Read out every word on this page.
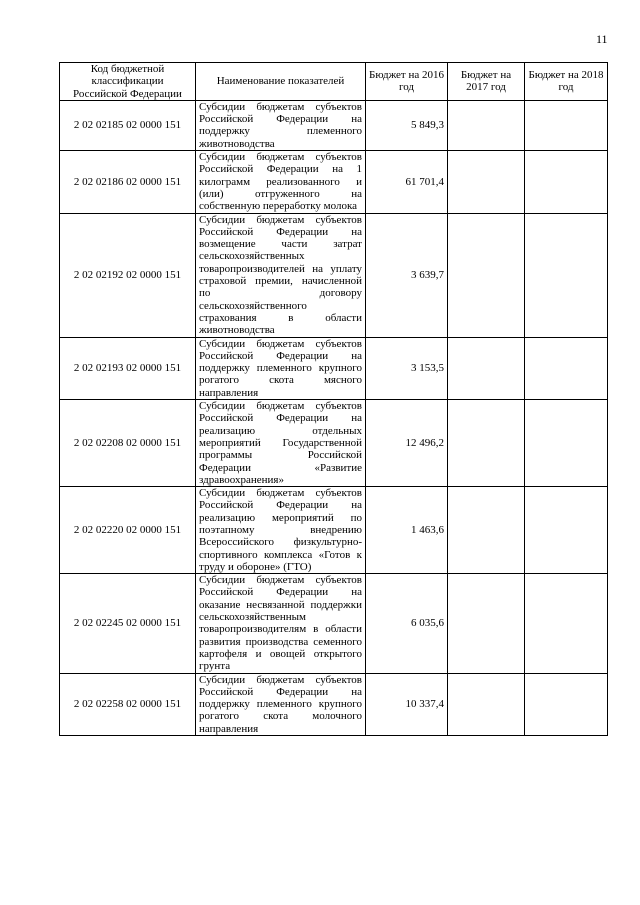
11
Код бюджетной классификации Российской Федерации	Наименование показателей	Бюджет на 2016 год	Бюджет на 2017 год	Бюджет на 2018 год
2 02 02185 02 0000 151	Субсидии бюджетам субъектов Российской Федерации на поддержку племенного животноводства	5 849,3		
2 02 02186 02 0000 151	Субсидии бюджетам субъектов Российской Федерации на 1 килограмм реализованного и (или) отгруженного на собственную переработку молока	61 701,4		
2 02 02192 02 0000 151	Субсидии бюджетам субъектов Российской Федерации на возмещение части затрат сельскохозяйственных товаропроизводителей на уплату страховой премии, начисленной по договору сельскохозяйственного страхования в области животноводства	3 639,7		
2 02 02193 02 0000 151	Субсидии бюджетам субъектов Российской Федерации на поддержку племенного крупного рогатого скота мясного направления	3 153,5		
2 02 02208 02 0000 151	Субсидии бюджетам субъектов Российской Федерации на реализацию отдельных мероприятий Государственной программы Российской Федерации «Развитие здравоохранения»	12 496,2		
2 02 02220 02 0000 151	Субсидии бюджетам субъектов Российской Федерации на реализацию мероприятий по поэтапному внедрению Всероссийского физкультурно-спортивного комплекса «Готов к труду и обороне» (ГТО)	1 463,6		
2 02 02245 02 0000 151	Субсидии бюджетам субъектов Российской Федерации на оказание несвязанной поддержки сельскохозяйственным товаропроизводителям в области развития производства семенного картофеля и овощей открытого грунта	6 035,6		
2 02 02258 02 0000 151	Субсидии бюджетам субъектов Российской Федерации на поддержку племенного крупного рогатого скота молочного направления	10 337,4		
